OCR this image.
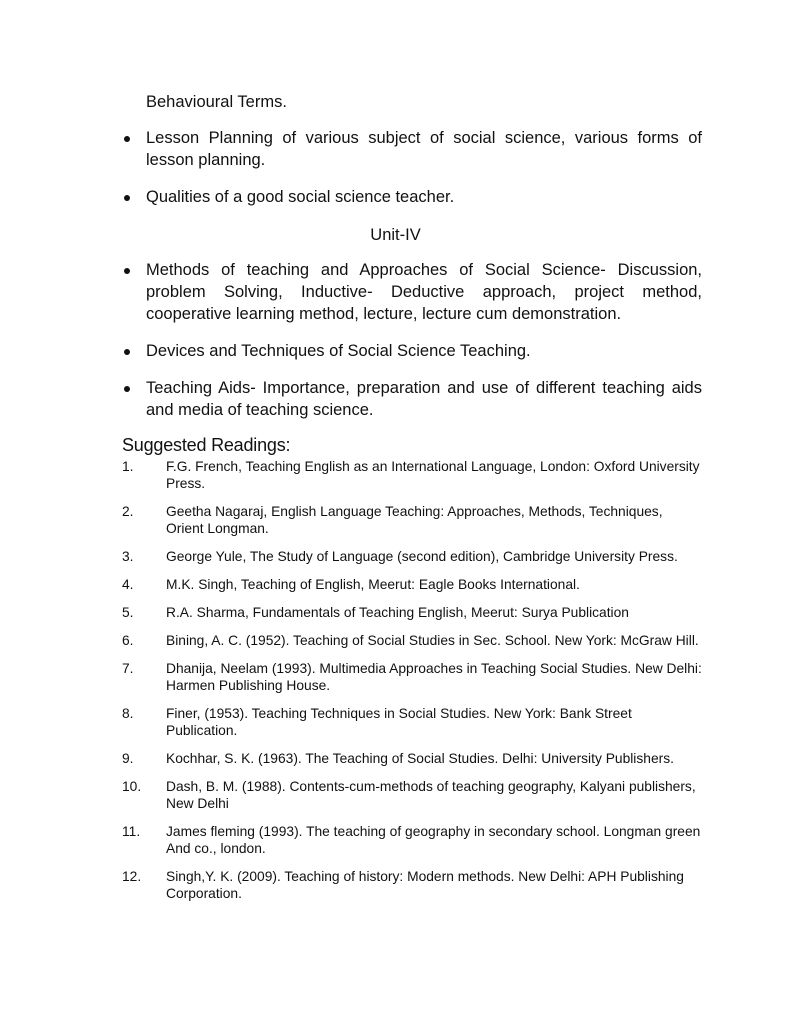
Behavioural Terms.
Lesson Planning of various subject of social science, various forms of lesson planning.
Qualities of a good social science teacher.
Unit-IV
Methods of teaching and Approaches of Social Science- Discussion, problem Solving, Inductive- Deductive approach, project method, cooperative learning method, lecture, lecture cum demonstration.
Devices and Techniques of Social Science Teaching.
Teaching Aids- Importance, preparation and use of different teaching aids and media of teaching science.
Suggested Readings:
1. F.G. French, Teaching English as an International Language, London: Oxford University Press.
2. Geetha Nagaraj, English Language Teaching: Approaches, Methods, Techniques, Orient Longman.
3. George Yule, The Study of Language (second edition), Cambridge University Press.
4. M.K. Singh, Teaching of English, Meerut: Eagle Books International.
5. R.A. Sharma, Fundamentals of Teaching English, Meerut: Surya Publication
6. Bining, A. C. (1952). Teaching of Social Studies in Sec. School. New York: McGraw Hill.
7. Dhanija, Neelam (1993). Multimedia Approaches in Teaching Social Studies. New Delhi: Harmen Publishing House.
8. Finer, (1953). Teaching Techniques in Social Studies. New York: Bank Street Publication.
9. Kochhar, S. K. (1963). The Teaching of Social Studies. Delhi: University Publishers.
10. Dash, B. M. (1988). Contents-cum-methods of teaching geography, Kalyani publishers, New Delhi
11. James fleming (1993). The teaching of geography in secondary school. Longman green And co., london.
12. Singh,Y. K. (2009). Teaching of history: Modern methods. New Delhi: APH Publishing Corporation.
